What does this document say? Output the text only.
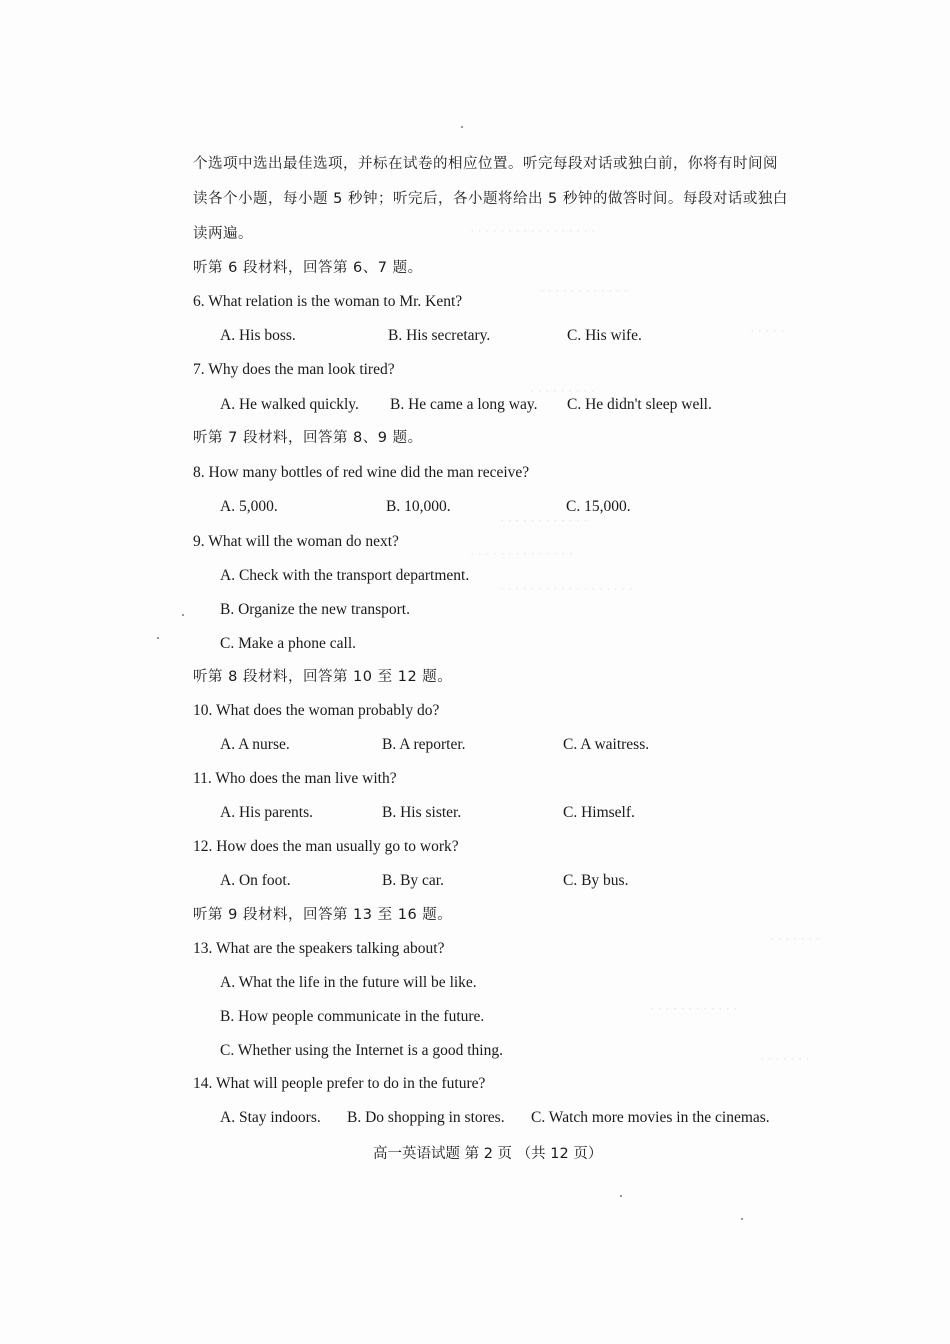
· · · · · · · · · · · · · · · · ·
· · · · · · · · · · · ·
· · · · ·
· · · · · · · · ·
· · · · · · · · · · · ·
· · · · · · · · · · · · · ·
· · · · · · · · · · · · · · · · · ·
· · · · · · ·
· · · · · · · · · · · ·
· · · · · · ·
个选项中选出最佳选项，并标在试卷的相应位置。听完每段对话或独白前，你将有时间阅
读各个小题，每小题 5 秒钟；听完后，各小题将给出 5 秒钟的做答时间。每段对话或独白
读两遍。
听第 6 段材料，回答第 6、7 题。
6. What relation is the woman to Mr. Kent?
A. His boss.	B. His secretary.	C. His wife.
7. Why does the man look tired?
A. He walked quickly. B. He came a long way. C. He didn't sleep well.
听第 7 段材料，回答第 8、9 题。
8. How many bottles of red wine did the man receive?
A. 5,000.	B. 10,000.	C. 15,000.
9. What will the woman do next?
A. Check with the transport department.
B. Organize the new transport.
C. Make a phone call.
听第 8 段材料，回答第 10 至 12 题。
10. What does the woman probably do?
A. A nurse.	B. A reporter.	C. A waitress.
11. Who does the man live with?
A. His parents.	B. His sister.	C. Himself.
12. How does the man usually go to work?
A. On foot.	B. By car.	C. By bus.
听第 9 段材料，回答第 13 至 16 题。
13. What are the speakers talking about?
A. What the life in the future will be like.
B. How people communicate in the future.
C. Whether using the Internet is a good thing.
14. What will people prefer to do in the future?
A. Stay indoors. B. Do shopping in stores. C. Watch more movies in the cinemas.
高一英语试题 第 2 页 （共 12 页）
